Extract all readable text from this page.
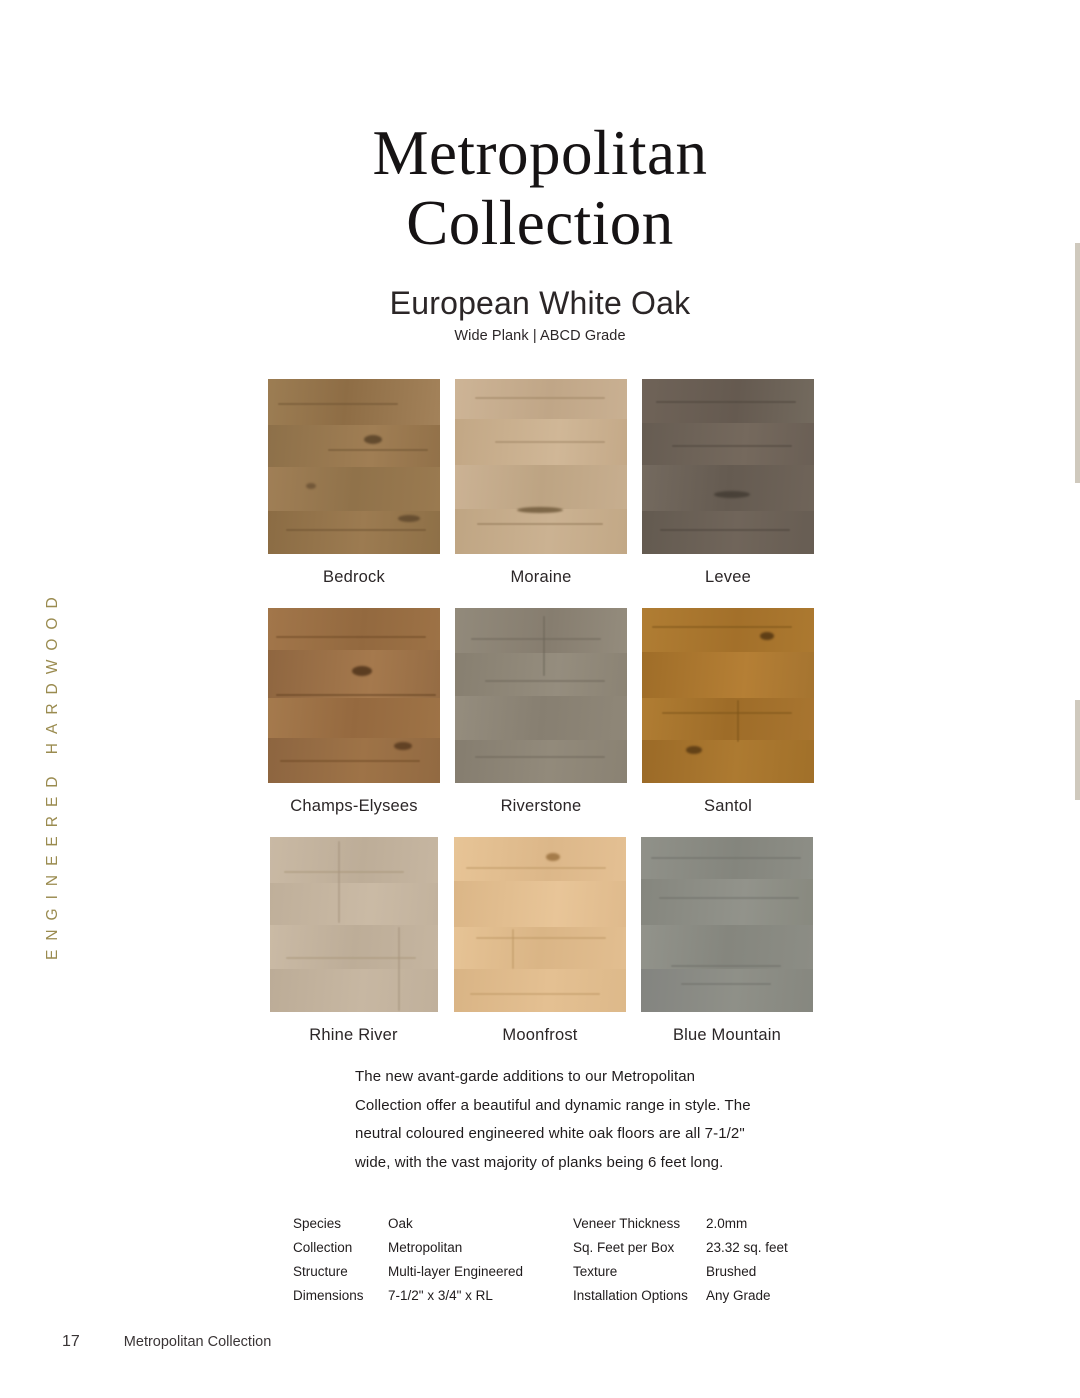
ENGINEERED HARDWOOD
Metropolitan
Collection
European White Oak
Wide Plank | ABCD Grade
Bedrock	Moraine	Levee
Champs-Elysees	Riverstone	Santol
Rhine River	Moonfrost	Blue Mountain
The new avant-garde additions to our Metropolitan Collection offer a beautiful and dynamic range in style. The neutral coloured engineered white oak floors are all 7-1/2" wide, with the vast majority of planks being 6 feet long.
Species	Oak	Veneer Thickness	2.0mm
Collection	Metropolitan	Sq. Feet per Box	23.32 sq. feet
Structure	Multi-layer Engineered	Texture	Brushed
Dimensions	7-1/2" x 3/4" x RL	Installation Options	Any Grade
17	Metropolitan Collection
